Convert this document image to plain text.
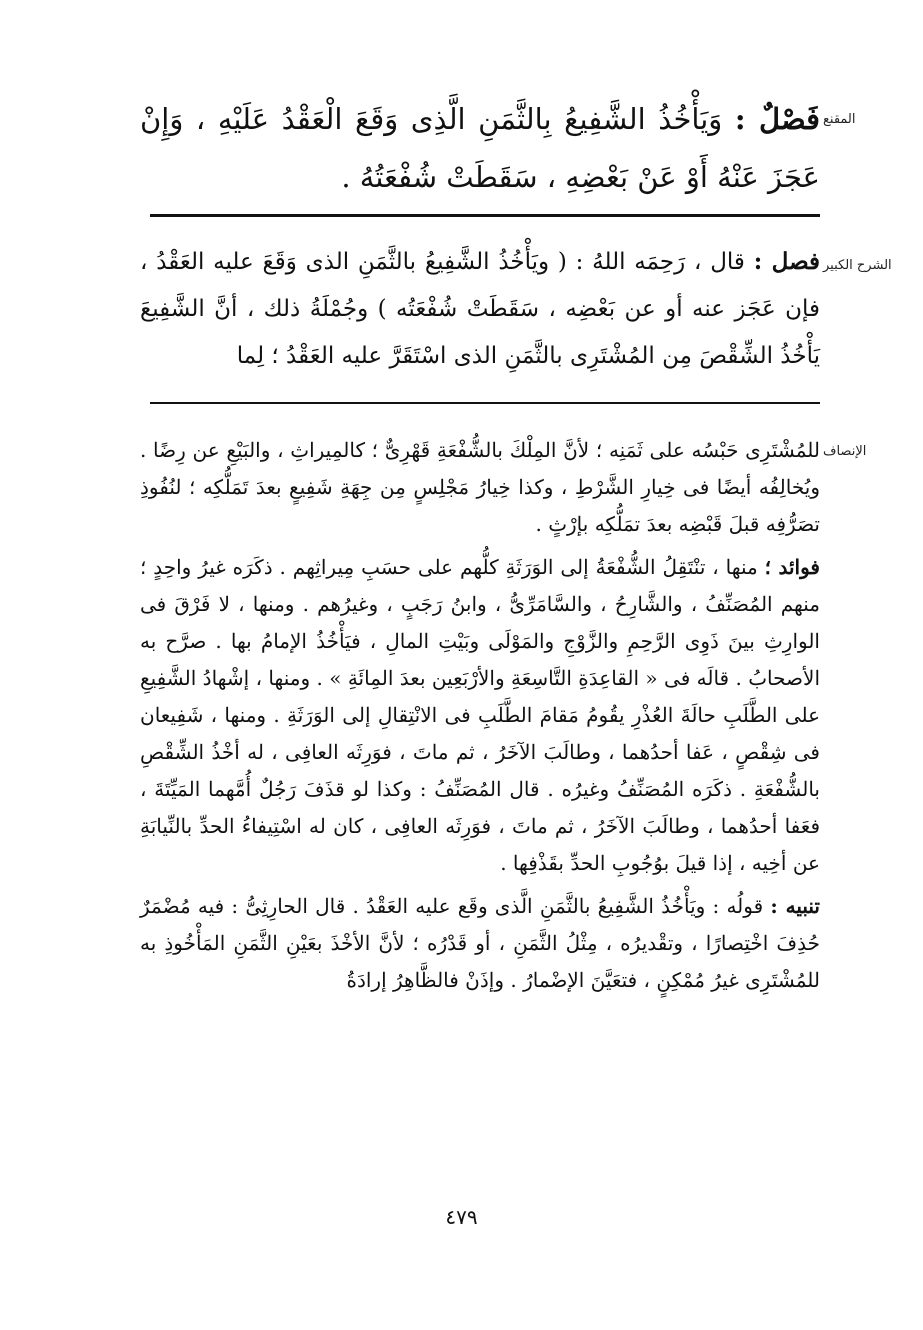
المقنع

فَصْلٌ : وَيَأْخُذُ الشَّفِيعُ بِالثَّمَنِ الَّذِى وَقَعَ الْعَقْدُ عَلَيْهِ ، وَإِنْ عَجَزَ عَنْهُ أَوْ عَنْ بَعْضِهِ ، سَقَطَتْ شُفْعَتُهُ .

الشرح الكبير

فصل : قال ، رَحِمَه اللهُ : ( ويَأْخُذُ الشَّفِيعُ بالثَّمَنِ الذى وَقَعَ عليه العَقْدُ ، فإن عَجَز عنه أو عن بَعْضِه ، سَقَطَتْ شُفْعَتُه ) وجُمْلَةُ ذلك ، أنَّ الشَّفِيعَ يَأْخُذُ الشِّقْصَ مِن المُشْتَرِى بالثَّمَنِ الذى اسْتَقَرَّ عليه العَقْدُ ؛ لِما

الإنصاف

للمُشْتَرِى حَبْسُه على ثَمَنِه ؛ لأنَّ المِلْكَ بالشُّفْعَةِ قَهْرِىٌّ ؛ كالمِيراثِ ، والبَيْعِ عن رِضًا . ويُخالِفُه أيضًا فى خِيارِ الشَّرْطِ ، وكذا خِيارُ مَجْلِسٍ مِن جِهَةِ شَفِيعٍ بعدَ تَمَلُّكِه ؛ لنُفُوذِ تصَرُّفِه قبلَ قَبْضِه بعدَ تمَلُّكِه بإرْثٍ .

فوائد ؛ منها ، تنْتَقِلُ الشُّفْعَةُ إلى الوَرَثَةِ كلُّهم على حسَبِ مِيراثِهم . ذكَرَه غيرُ واحِدٍ ؛ منهم المُصَنِّفُ ، والشَّارِحُ ، والسَّامَرِّىُّ ، وابنُ رَجَبٍ ، وغيرُهم . ومنها ، لا فَرْقَ فى الوارِثِ بينَ ذَوِى الرَّحِمِ والزَّوْجِ والمَوْلَى وبَيْتِ المالِ ، فيَأْخُذُ الإمامُ بها . صرَّح به الأصحابُ . قالَه فى « القاعِدَةِ التَّاسِعَةِ والأرْبَعِين بعدَ المِائَةِ » . ومنها ، إشْهادُ الشَّفِيعِ على الطَّلَبِ حالَةَ العُذْرِ يقُومُ مَقامَ الطَّلَبِ فى الانْتِقالِ إلى الوَرَثَةِ . ومنها ، شَفِيعان فى شِقْصٍ ، عَفا أحدُهما ، وطالَبَ الآخَرُ ، ثم ماتَ ، فوَرِثَه العافِى ، له أخْذُ الشِّقْصِ بالشُّفْعَةِ . ذكَرَه المُصَنِّفُ وغيرُه . قال المُصَنِّفُ : وكذا لو قذَفَ رَجُلٌ أُمَّهما المَيِّتَةَ ، فعَفا أحدُهما ، وطالَبَ الآخَرُ ، ثم ماتَ ، فوَرِثَه العافِى ، كان له اسْتِيفاءُ الحدِّ بالنِّيابَةِ عن أخِيه ، إذا قيلَ بوُجُوبِ الحدِّ بقَذْفِها .

تنبيه : قولُه : ويَأْخُذُ الشَّفِيعُ بالثَّمَنِ الَّذى وقَع عليه العَقْدُ . قال الحارِثِىُّ : فيه مُضْمَرٌ حُذِفَ اخْتِصارًا ، وتقْديرُه ، مِثْلُ الثَّمَنِ ، أو قَدْرُه ؛ لأنَّ الأخْذَ بعَيْنِ الثَّمَنِ المَأْخُوذِ به للمُشْتَرِى غيرُ مُمْكِنٍ ، فتعَيَّنَ الإضْمارُ . وإذَنْ فالظَّاهِرُ إرادَةُ

٤٧٩
